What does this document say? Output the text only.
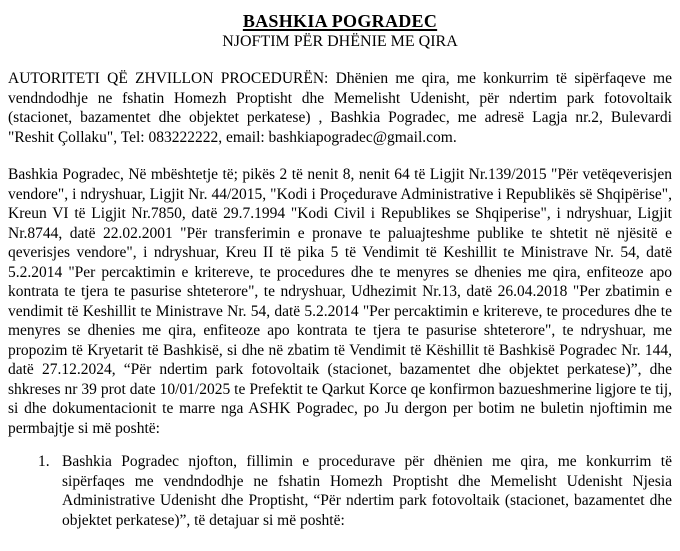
BASHKIA POGRADEC
NJOFTIM PËR DHËNIE ME QIRA

AUTORITETI QË ZHVILLON PROCEDURËN: Dhënien me qira, me konkurrim të sipërfaqeve me vendndodhje ne fshatin Homezh Proptisht dhe Memelisht Udenisht, për ndertim park fotovoltaik (stacionet, bazamentet dhe objektet perkatese) , Bashkia Pogradec, me adresë Lagja nr.2, Bulevardi "Reshit Çollaku", Tel: 083222222, email: bashkiapogradec@gmail.com.

Bashkia Pogradec, Në mbështetje të; pikës 2 të nenit 8, nenit 64 të Ligjit Nr.139/2015 "Për vetëqeverisjen vendore", i ndryshuar, Ligjit Nr. 44/2015, "Kodi i Proçedurave Administrative i Republikës së Shqipërise", Kreun VI të Ligjit Nr.7850, datë 29.7.1994 "Kodi Civil i Republikes se Shqiperise", i ndryshuar, Ligjit Nr.8744, datë 22.02.2001 "Për transferimin e pronave te paluajteshme publike te shtetit në njësitë e qeverisjes vendore", i ndryshuar, Kreu II të pika 5 të Vendimit të Keshillit te Ministrave Nr. 54, datë 5.2.2014 "Per percaktimin e kritereve, te procedures dhe te menyres se dhenies me qira, enfiteoze apo kontrata te tjera te pasurise shteterore", te ndryshuar, Udhezimit Nr.13, datë 26.04.2018 "Per zbatimin e vendimit të Keshillit te Ministrave Nr. 54, datë 5.2.2014 "Per percaktimin e kritereve, te procedures dhe te menyres se dhenies me qira, enfiteoze apo kontrata te tjera te pasurise shteterore", te ndryshuar, me propozim të Kryetarit të Bashkisë, si dhe në zbatim të Vendimit të Këshillit të Bashkisë Pogradec Nr. 144, datë 27.12.2024, “Për ndertim park fotovoltaik (stacionet, bazamentet dhe objektet perkatese)”, dhe shkreses nr 39 prot date 10/01/2025 te Prefektit te Qarkut Korce qe konfirmon bazueshmerine ligjore te tij, si dhe dokumentacionit te marre nga ASHK Pogradec, po Ju dergon per botim ne buletin njoftimin me permbajtje si më poshtë:

1. Bashkia Pogradec njofton, fillimin e procedurave për dhënien me qira, me konkurrim të sipërfaqes me vendndodhje ne fshatin Homezh Proptisht dhe Memelisht Udenisht Njesia Administrative Udenisht dhe Proptisht, “Për ndertim park fotovoltaik (stacionet, bazamentet dhe objektet perkatese)”, të detajuar si më poshtë:
